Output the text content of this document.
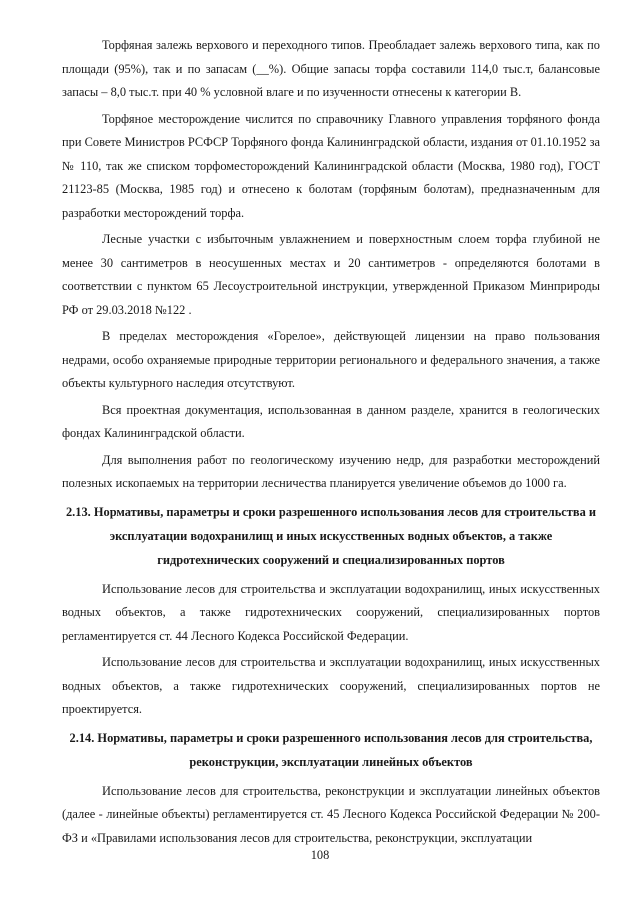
Торфяная залежь верхового и переходного типов. Преобладает залежь верхового типа, как по площади (95%), так и по запасам (__%). Общие запасы торфа составили 114,0 тыс.т, балансовые запасы – 8,0 тыс.т. при 40 % условной влаге и по изученности отнесены к категории В.

Торфяное месторождение числится по справочнику Главного управления торфяного фонда при Совете Министров РСФСР Торфяного фонда Калининградской области, издания от 01.10.1952 за № 110, так же списком торфоместорождений Калининградской области (Москва, 1980 год), ГОСТ 21123-85 (Москва, 1985 год) и отнесено к болотам (торфяным болотам), предназначенным для разработки месторождений торфа.

Лесные участки с избыточным увлажнением и поверхностным слоем торфа глубиной не менее 30 сантиметров в неосушенных местах и 20 сантиметров - определяются болотами в соответствии с пунктом 65 Лесоустроительной инструкции, утвержденной Приказом Минприроды РФ от 29.03.2018 №122 .

В пределах месторождения «Горелое», действующей лицензии на право пользования недрами, особо охраняемые природные территории регионального и федерального значения, а также объекты культурного наследия отсутствуют.

Вся проектная документация, использованная в данном разделе, хранится в геологических фондах Калининградской области.

Для выполнения работ по геологическому изучению недр, для разработки месторождений полезных ископаемых на территории лесничества планируется увеличение объемов до 1000 га.

2.13. Нормативы, параметры и сроки разрешенного использования лесов для строительства и эксплуатации водохранилищ и иных искусственных водных объектов, а также гидротехнических сооружений и специализированных портов

Использование лесов для строительства и эксплуатации водохранилищ, иных искусственных водных объектов, а также гидротехнических сооружений, специализированных портов регламентируется ст. 44 Лесного Кодекса Российской Федерации.

Использование лесов для строительства и эксплуатации водохранилищ, иных искусственных водных объектов, а также гидротехнических сооружений, специализированных портов не проектируется.

2.14. Нормативы, параметры и сроки разрешенного использования лесов для строительства, реконструкции, эксплуатации линейных объектов

Использование лесов для строительства, реконструкции и эксплуатации линейных объектов (далее - линейные объекты) регламентируется ст. 45 Лесного Кодекса Российской Федерации № 200-ФЗ и «Правилами использования лесов для строительства, реконструкции, эксплуатации

108
